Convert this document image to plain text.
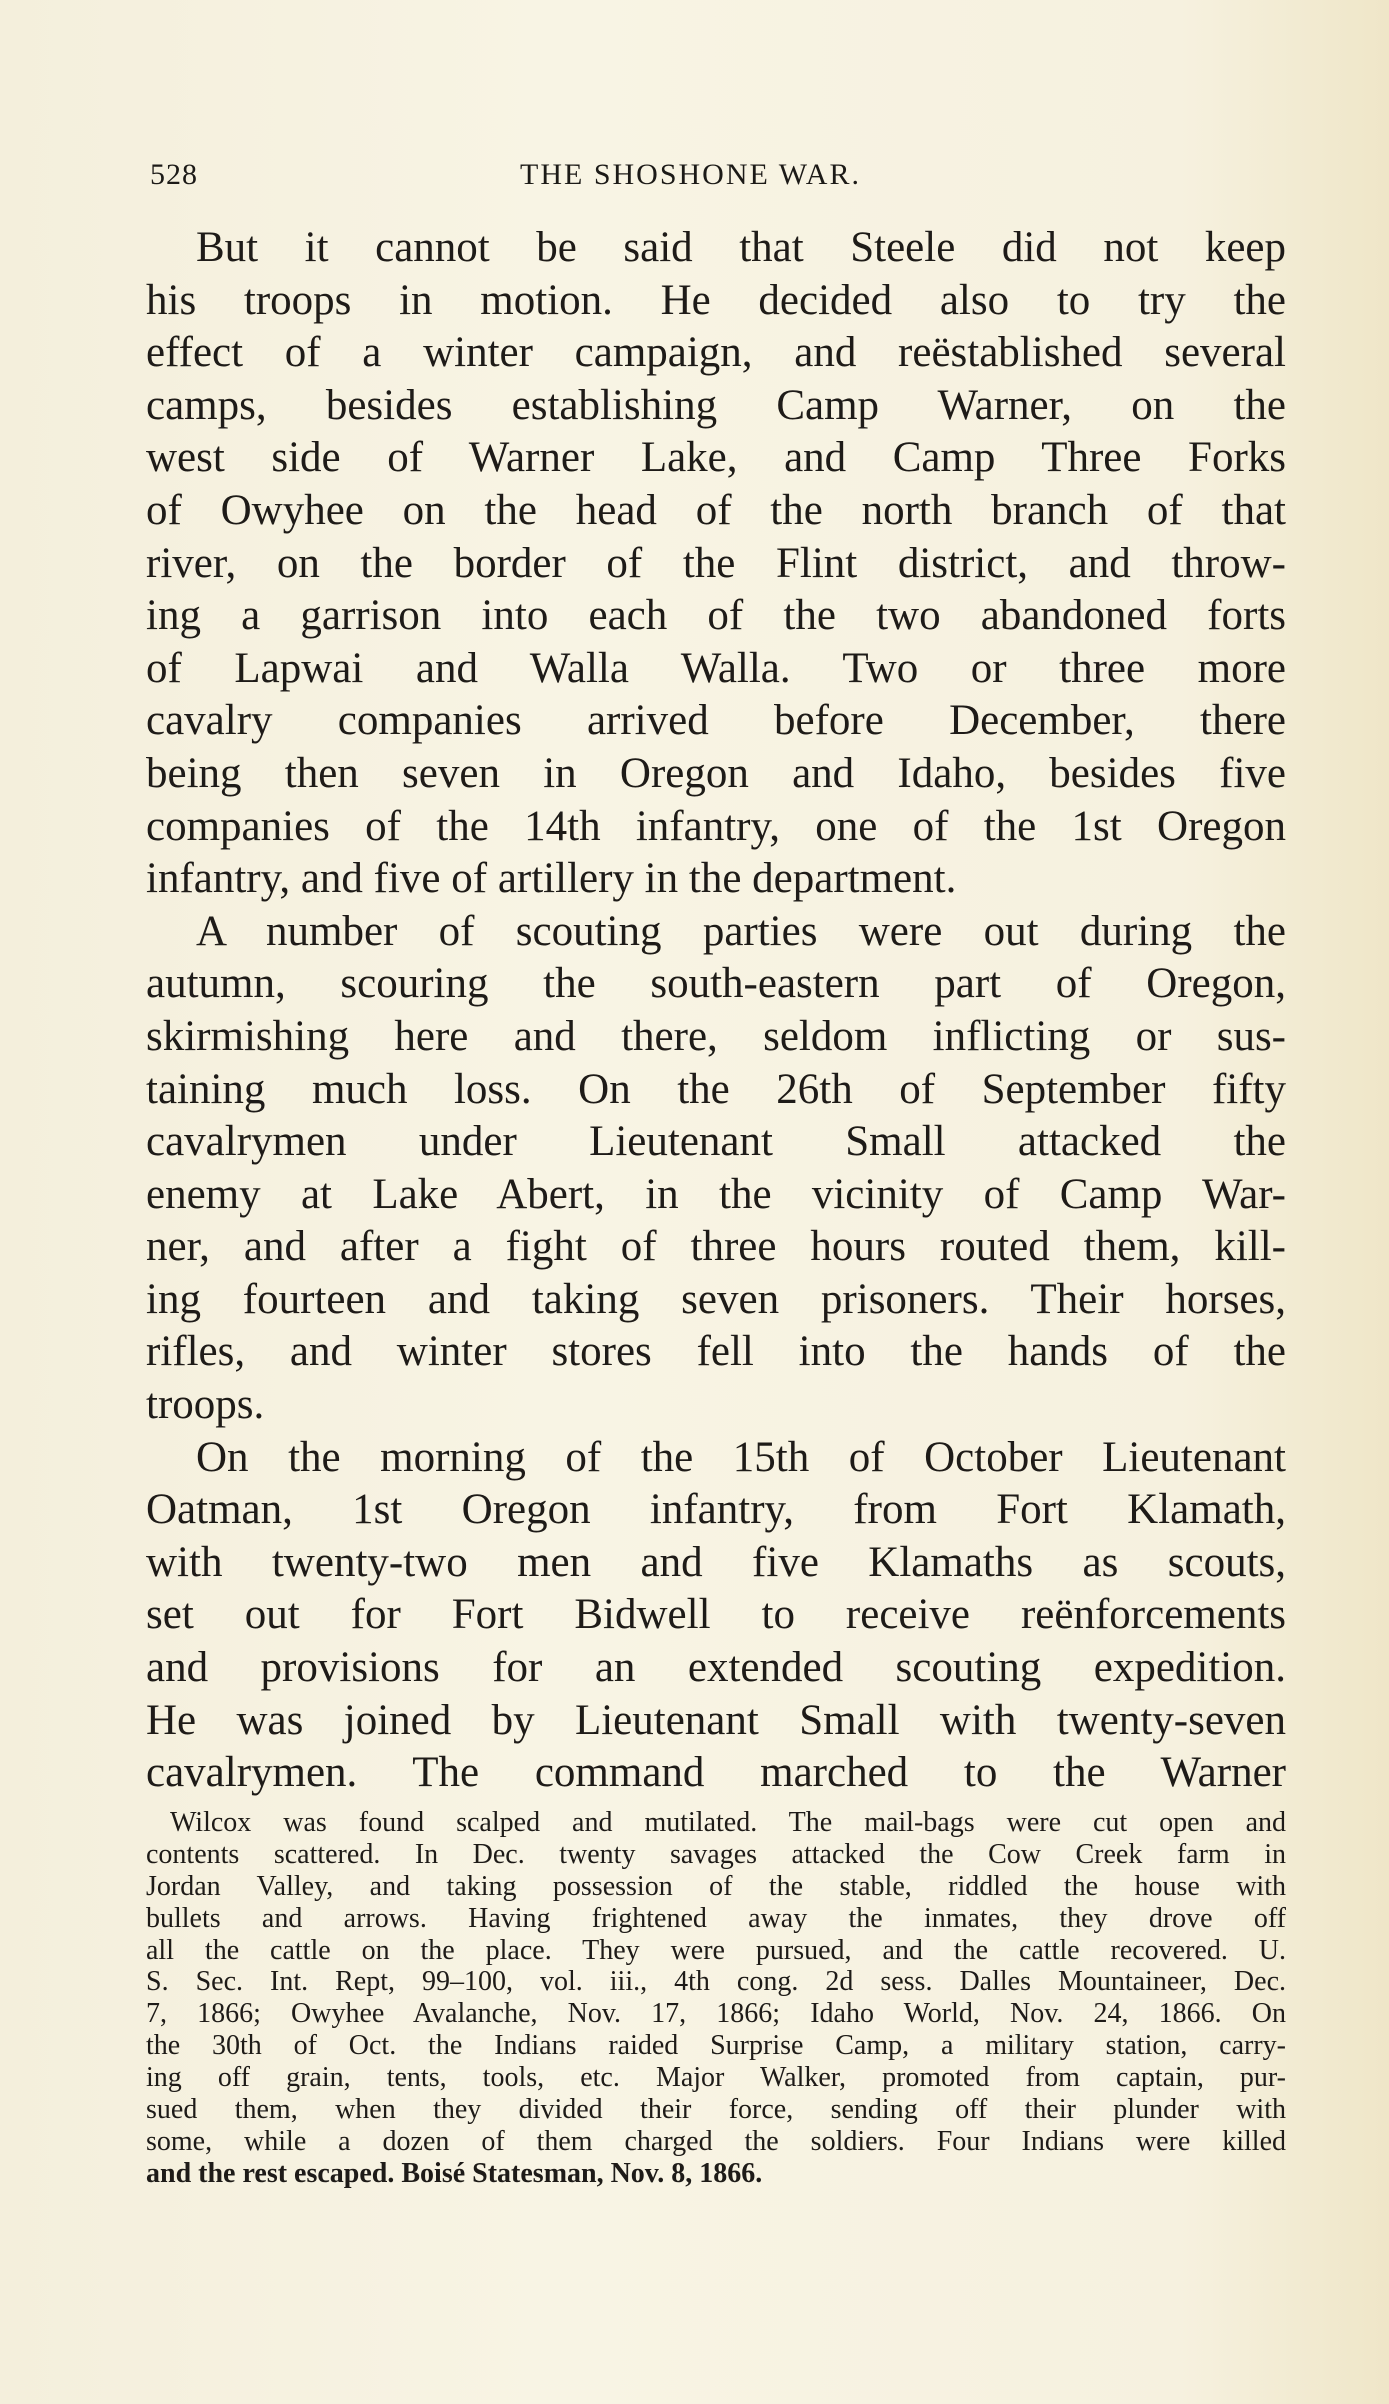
528	THE SHOSHONE WAR.
But it cannot be said that Steele did not keep
his troops in motion. He decided also to try the
effect of a winter campaign, and reëstablished several
camps, besides establishing Camp Warner, on the
west side of Warner Lake, and Camp Three Forks
of Owyhee on the head of the north branch of that
river, on the border of the Flint district, and throw-
ing a garrison into each of the two abandoned forts
of Lapwai and Walla Walla. Two or three more
cavalry companies arrived before December, there
being then seven in Oregon and Idaho, besides five
companies of the 14th infantry, one of the 1st Oregon
infantry, and five of artillery in the department.
A number of scouting parties were out during the
autumn, scouring the south-eastern part of Oregon,
skirmishing here and there, seldom inflicting or sus-
taining much loss. On the 26th of September fifty
cavalrymen under Lieutenant Small attacked the
enemy at Lake Abert, in the vicinity of Camp War-
ner, and after a fight of three hours routed them, kill-
ing fourteen and taking seven prisoners. Their horses,
rifles, and winter stores fell into the hands of the
troops.
On the morning of the 15th of October Lieutenant
Oatman, 1st Oregon infantry, from Fort Klamath,
with twenty-two men and five Klamaths as scouts,
set out for Fort Bidwell to receive reënforcements
and provisions for an extended scouting expedition.
He was joined by Lieutenant Small with twenty-seven
cavalrymen. The command marched to the Warner
Wilcox was found scalped and mutilated. The mail-bags were cut open and
contents scattered. In Dec. twenty savages attacked the Cow Creek farm in
Jordan Valley, and taking possession of the stable, riddled the house with
bullets and arrows. Having frightened away the inmates, they drove off
all the cattle on the place. They were pursued, and the cattle recovered. U.
S. Sec. Int. Rept, 99–100, vol. iii., 4th cong. 2d sess. Dalles Mountaineer, Dec.
7, 1866; Owyhee Avalanche, Nov. 17, 1866; Idaho World, Nov. 24, 1866. On
the 30th of Oct. the Indians raided Surprise Camp, a military station, carry-
ing off grain, tents, tools, etc. Major Walker, promoted from captain, pur-
sued them, when they divided their force, sending off their plunder with
some, while a dozen of them charged the soldiers. Four Indians were killed
and the rest escaped. Boisé Statesman, Nov. 8, 1866.
